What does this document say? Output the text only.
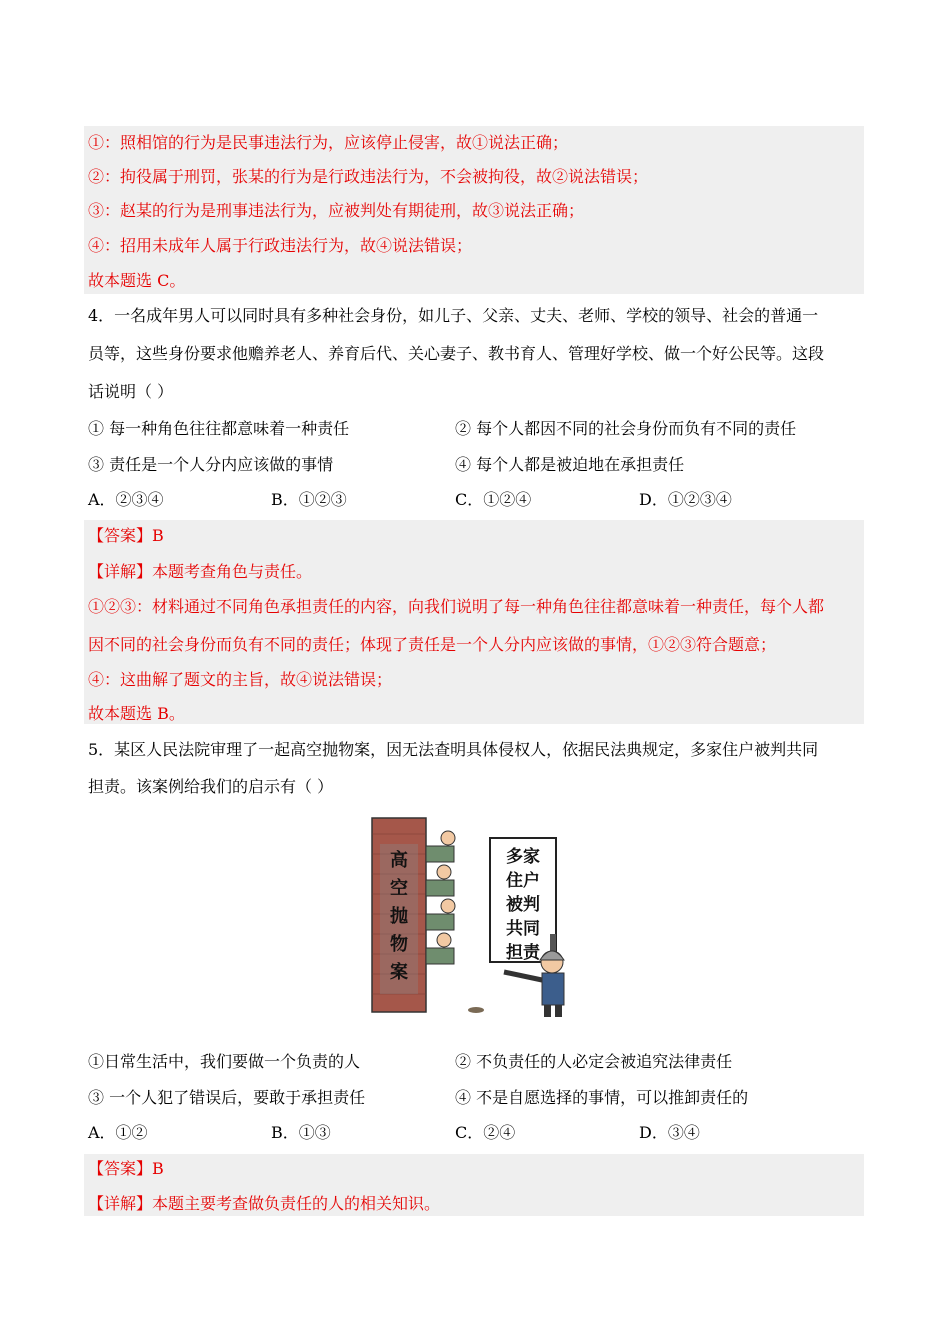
①：照相馆的行为是民事违法行为，应该停止侵害，故①说法正确；
②：拘役属于刑罚，张某的行为是行政违法行为，不会被拘役，故②说法错误；
③：赵某的行为是刑事违法行为，应被判处有期徒刑，故③说法正确；
④：招用未成年人属于行政违法行为，故④说法错误；
故本题选 C。
4．一名成年男人可以同时具有多种社会身份，如儿子、父亲、丈夫、老师、学校的领导、社会的普通一
员等，这些身份要求他赡养老人、养育后代、关心妻子、教书育人、管理好学校、做一个好公民等。这段
话说明（ ）
① 每一种角色往往都意味着一种责任	② 每个人都因不同的社会身份而负有不同的责任
③ 责任是一个人分内应该做的事情	④ 每个人都是被迫地在承担责任
A．②③④	B．①②③	C．①②④	D．①②③④
【答案】B
【详解】本题考查角色与责任。
①②③：材料通过不同角色承担责任的内容，向我们说明了每一种角色往往都意味着一种责任，每个人都
因不同的社会身份而负有不同的责任；体现了责任是一个人分内应该做的事情，①②③符合题意；
④：这曲解了题文的主旨，故④说法错误；
故本题选 B。
5．某区人民法院审理了一起高空抛物案，因无法查明具体侵权人，依据民法典规定，多家住户被判共同
担责。该案例给我们的启示有（ ）
高
空
抛
物
案
多家
住户
被判
共同
担责
①日常生活中，我们要做一个负责的人	② 不负责任的人必定会被追究法律责任
③ 一个人犯了错误后，要敢于承担责任	④ 不是自愿选择的事情，可以推卸责任的
A．①②	B．①③	C．②④	D．③④
【答案】B
【详解】本题主要考查做负责任的人的相关知识。
